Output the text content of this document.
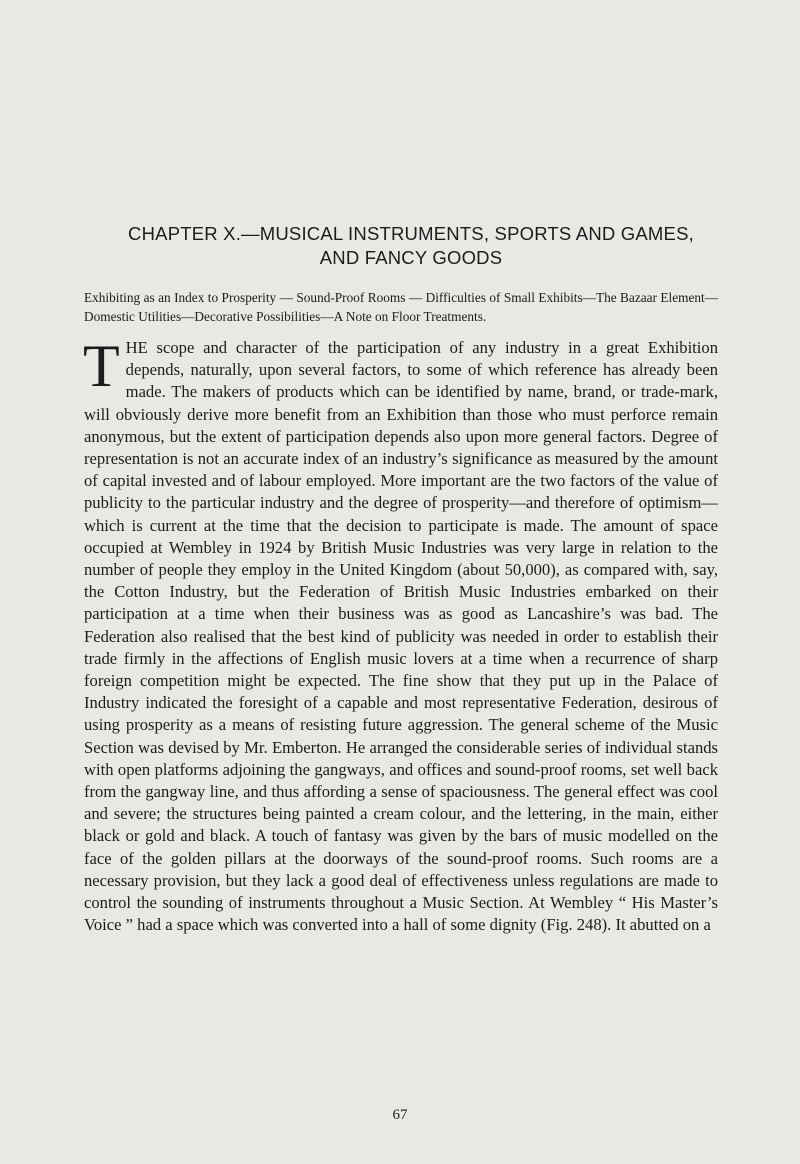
CHAPTER X.—MUSICAL INSTRUMENTS, SPORTS AND GAMES, AND FANCY GOODS

Exhibiting as an Index to Prosperity — Sound-Proof Rooms — Difficulties of Small Exhibits—The Bazaar Element—Domestic Utilities—Decorative Possibilities—A Note on Floor Treatments.

THE scope and character of the participation of any industry in a great Exhibition depends, naturally, upon several factors, to some of which reference has already been made. The makers of products which can be identified by name, brand, or trade-mark, will obviously derive more benefit from an Exhibition than those who must perforce remain anonymous, but the extent of participation depends also upon more general factors. Degree of representation is not an accurate index of an industry’s significance as measured by the amount of capital invested and of labour employed. More important are the two factors of the value of publicity to the particular industry and the degree of prosperity—and therefore of optimism—which is current at the time that the decision to participate is made. The amount of space occupied at Wembley in 1924 by British Music Industries was very large in relation to the number of people they employ in the United Kingdom (about 50,000), as compared with, say, the Cotton Industry, but the Federation of British Music Industries embarked on their participation at a time when their business was as good as Lancashire’s was bad. The Federation also realised that the best kind of publicity was needed in order to establish their trade firmly in the affections of English music lovers at a time when a recurrence of sharp foreign competition might be expected. The fine show that they put up in the Palace of Industry indicated the foresight of a capable and most representative Federation, desirous of using prosperity as a means of resisting future aggression. The general scheme of the Music Section was devised by Mr. Emberton. He arranged the considerable series of individual stands with open platforms adjoining the gangways, and offices and sound-proof rooms, set well back from the gangway line, and thus affording a sense of spaciousness. The general effect was cool and severe; the structures being painted a cream colour, and the lettering, in the main, either black or gold and black. A touch of fantasy was given by the bars of music modelled on the face of the golden pillars at the doorways of the sound-proof rooms. Such rooms are a necessary provision, but they lack a good deal of effectiveness unless regulations are made to control the sounding of instruments throughout a Music Section. At Wembley “ His Master’s Voice ” had a space which was converted into a hall of some dignity (Fig. 248). It abutted on a
67
